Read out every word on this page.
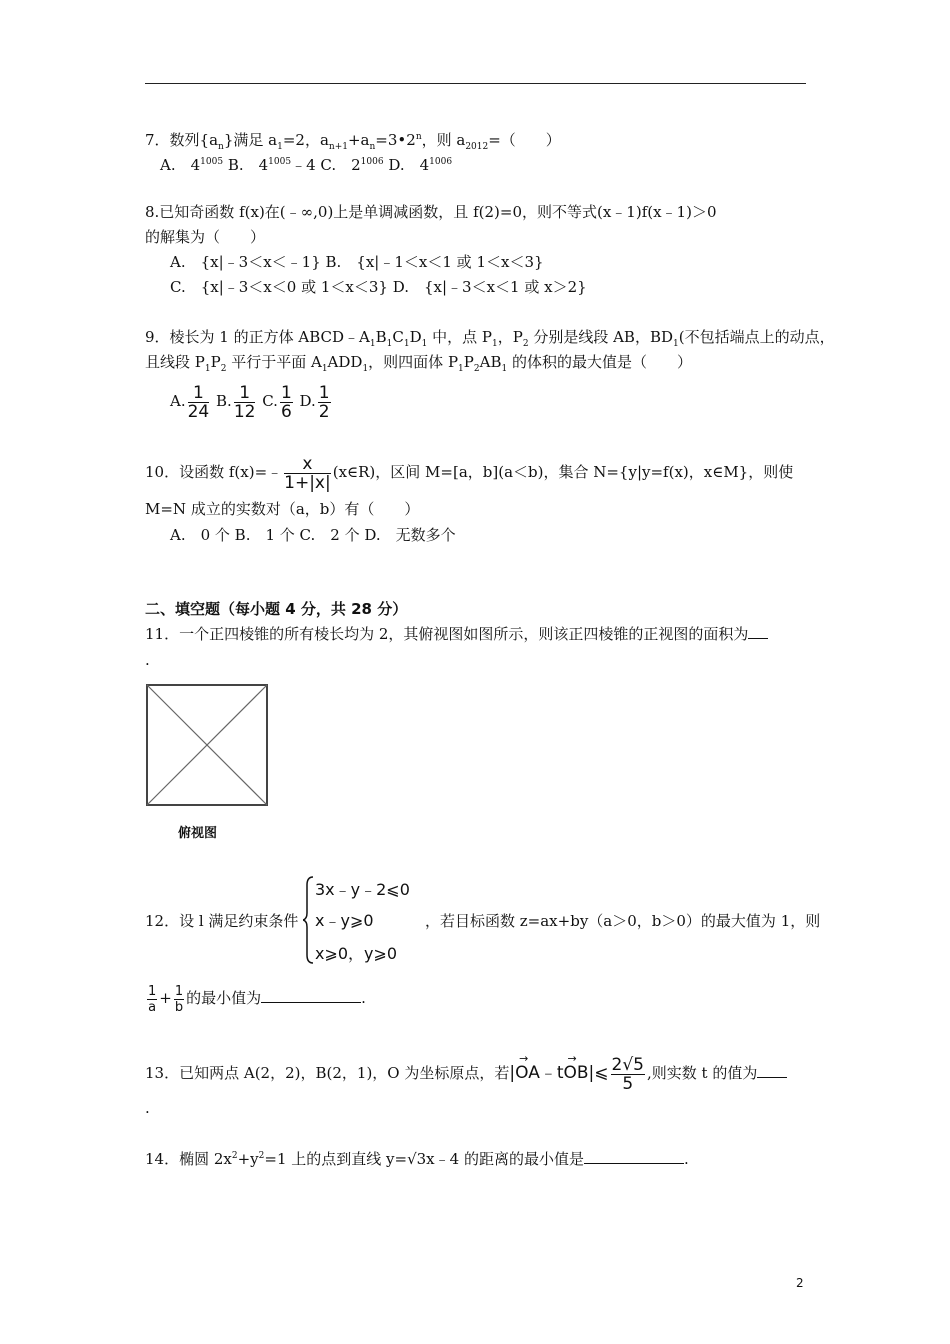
7．数列$\{a_n\}$满足 $a_1=2$，$a_{n+1}+a_n=3•2^n$，则 $a_{2012}=$（　　）
A.　$4^{1005}$ B.　$4^{1005}﹣4$ C.　$2^{1006}$ D.　$4^{1006}$
8.已知奇函数 f(x)在(﹣∞,0)上是单调减函数，且 f(2)=0，则不等式(x﹣1)f(x﹣1)＞0
的解集为（　　）
A.　{x|﹣3＜x＜﹣1} B.　{x|﹣1＜x＜1 或 1＜x＜3}
C.　{x|﹣3＜x＜0 或 1＜x＜3} D.　{x|﹣3＜x＜1 或 x＞2}
9．棱长为 1 的正方体 $ABCD﹣A_1B_1C_1D_1$ 中，点 $P_1$，$P_2$ 分别是线段 AB，$BD_1$(不包括端点上的动点，
且线段 $P_1P_2$ 平行于平面 $A_1ADD_1$，则四面体 $P_1P_2AB_1$ 的体积的最大值是（　　）
A. $\frac{1}{24} B$. $\frac{1}{12} C$. $\frac{1}{6} D$. $\frac{1}{2}$
10．设函数 f(x)=﹣ $\frac{x}{1+|x|}$ (x∈R)，区间 M=[a，b](a＜b)，集合 N={y|y=f(x)，x∈M}，则使
M=N 成立的实数对（a，b）有（　　）
A.　0 个 B.　1 个 C.　2 个 D.　无数多个
二、填空题（每小题 4 分，共 28 分）
11．一个正四棱锥的所有棱长均为 2，其俯视图如图所示，则该正四棱锥的正视图的面积为
.
俯视图
12．设 l 满足约束条件
3x﹣y﹣2⩽0
x﹣y⩾0
x⩾0，y⩾0
，若目标函数 z=ax+by（a＞0，b＞0）的最大值为 1，则
$\frac{1}{a} + \frac{1}{b}$ 的最小值为	.
13．已知两点 A(2，2)，B(2，1)，O 为坐标原点，若|→ OA﹣t→ OB|⩽ $\frac{2√5}{5}$ ,则实数 t 的值为
.
14．椭圆 $2x^2+y^2=1$ 上的点到直线 y=√3x﹣4 的距离的最小值是	.
2
